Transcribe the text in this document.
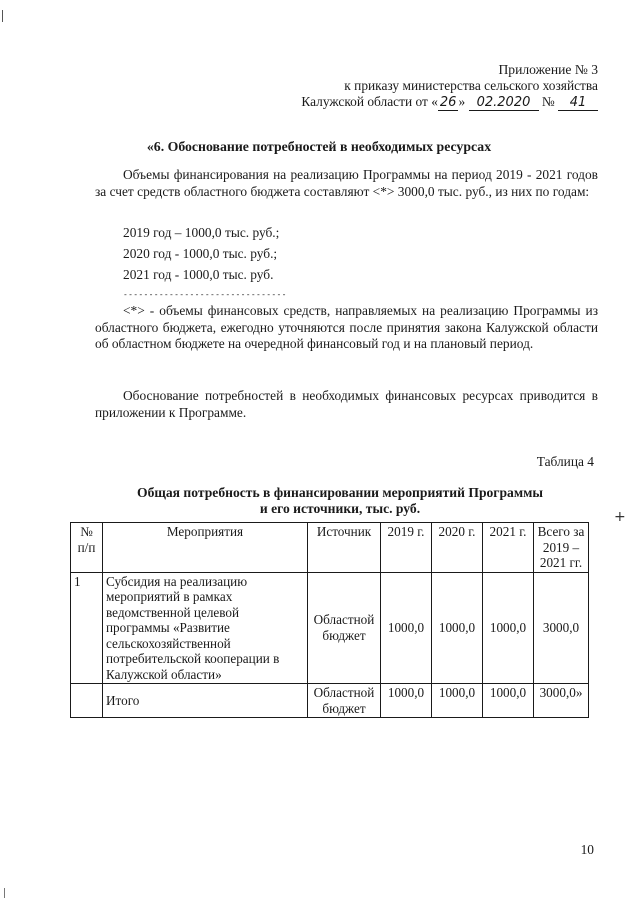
Приложение № 3
к приказу министерства сельского хозяйства
Калужской области от « 26 » 02.2020 № 41
«6. Обоснование потребностей в необходимых ресурсах
Объемы финансирования на реализацию Программы на период 2019 - 2021 годов за счет средств областного бюджета составляют <*> 3000,0 тыс. руб., из них по годам:
2019 год – 1000,0 тыс. руб.;
2020 год - 1000,0 тыс. руб.;
2021 год - 1000,0 тыс. руб.
--------------------------------
<*> - объемы финансовых средств, направляемых на реализацию Программы из областного бюджета, ежегодно уточняются после принятия закона Калужской области об областном бюджете на очередной финансовый год и на плановый период.
Обоснование потребностей в необходимых финансовых ресурсах приводится в приложении к Программе.
Таблица 4
Общая потребность в финансировании мероприятий Программы
и его источники, тыс. руб.
№ п/п	Мероприятия	Источник	2019 г.	2020 г.	2021 г.	Всего за 2019 – 2021 гг.
1	Субсидия на реализацию мероприятий в рамках ведомственной целевой программы «Развитие сельскохозяйственной потребительской кооперации в Калужской области»	Областной бюджет	1000,0	1000,0	1000,0	3000,0
	Итого	Областной бюджет	1000,0	1000,0	1000,0	3000,0»
+
10
